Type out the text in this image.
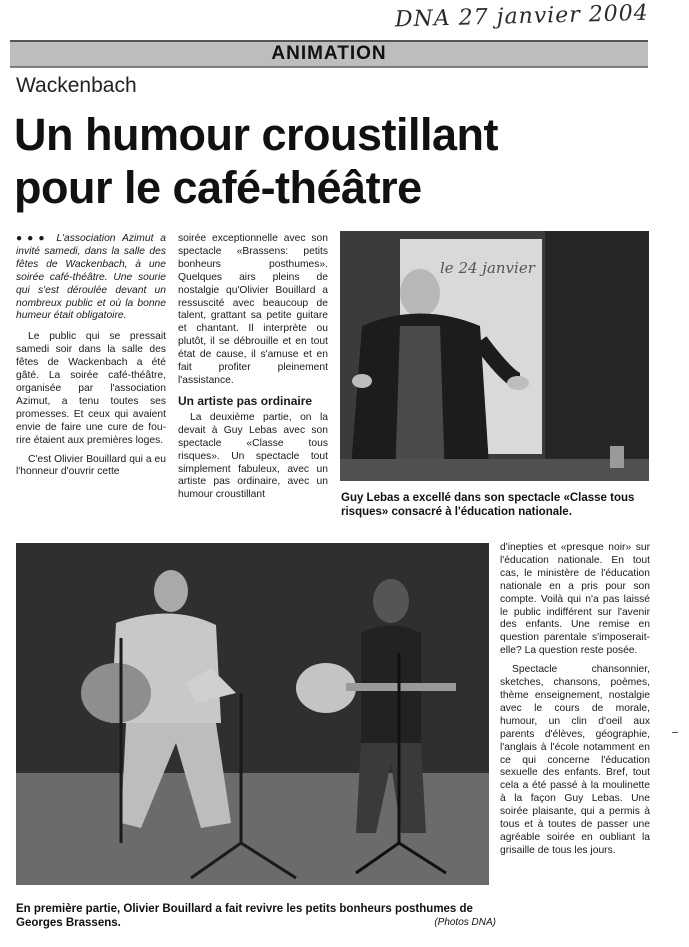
DNA 27 janvier 2004
ANIMATION
Wackenbach
Un humour croustillant
pour le café-théâtre

●●● L'association Azimut a invité samedi, dans la salle des fêtes de Wackenbach, à une soirée café-théâtre. Une sourie qui s'est déroulée devant un nombreux public et où la bonne humeur était obligatoire.

Le public qui se pressait samedi soir dans la salle des fêtes de Wackenbach a été gâté. La soirée café-théâtre, organisée par l'association Azimut, a tenu toutes ses promesses. Et ceux qui avaient envie de faire une cure de fou-rire étaient aux premières loges.

C'est Olivier Bouillard qui a eu l'honneur d'ouvrir cette

soirée exceptionnelle avec son spectacle «Brassens: petits bonheurs posthumes». Quelques airs pleins de nostalgie qu'Olivier Bouillard a ressuscité avec beaucoup de talent, grattant sa petite guitare et chantant. Il interprète ou plutôt, il se débrouille et en tout état de cause, il s'amuse et en fait profiter pleinement l'assistance.

Un artiste pas ordinaire

La deuxième partie, on la devait à Guy Lebas avec son spectacle «Classe tous risques». Un spectacle tout simplement fabuleux, avec un artiste pas ordinaire, avec un humour croustillant

le 24 janvier
Guy Lebas a excellé dans son spectacle «Classe tous risques» consacré à l'éducation nationale.
En première partie, Olivier Bouillard a fait revivre les petits bonheurs posthumes de Georges Brassens.	(Photos DNA)

d'inepties et «presque noir» sur l'éducation nationale. En tout cas, le ministère de l'éducation nationale en a pris pour son compte. Voilà qui n'a pas laissé le public indifférent sur l'avenir des enfants. Une remise en question parentale s'imposerait-elle? La question reste posée.

Spectacle chansonnier, sketches, chansons, poèmes, thème enseignement, nostalgie avec le cours de morale, humour, un clin d'oeil aux parents d'élèves, géographie, l'anglais à l'école notamment en ce qui concerne l'éducation sexuelle des enfants. Bref, tout cela a été passé à la moulinette à la façon Guy Lebas. Une soirée plaisante, qui a permis à tous et à toutes de passer une agréable soirée en oubliant la grisaille de tous les jours.
